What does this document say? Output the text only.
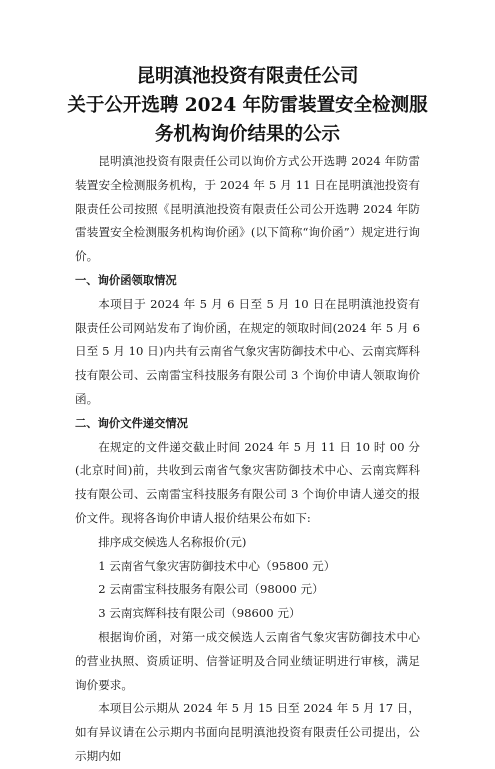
昆明滇池投资有限责任公司
关于公开选聘 2024 年防雷装置安全检测服
务机构询价结果的公示

昆明滇池投资有限责任公司以询价方式公开选聘 2024 年防雷装置安全检测服务机构，于 2024 年 5 月 11 日在昆明滇池投资有限责任公司按照《昆明滇池投资有限责任公司公开选聘 2024 年防雷装置安全检测服务机构询价函》(以下简称“询价函”）规定进行询价。

一、询价函领取情况

本项目于 2024 年 5 月 6 日至 5 月 10 日在昆明滇池投资有限责任公司网站发布了询价函，在规定的领取时间(2024 年 5 月 6 日至 5 月 10 日)内共有云南省气象灾害防御技术中心、云南宾辉科技有限公司、云南雷宝科技服务有限公司 3 个询价申请人领取询价函。

二、询价文件递交情况

在规定的文件递交截止时间 2024 年 5 月 11 日 10 时 00 分(北京时间)前，共收到云南省气象灾害防御技术中心、云南宾辉科技有限公司、云南雷宝科技服务有限公司 3 个询价申请人递交的报价文件。现将各询价申请人报价结果公布如下:

排序成交候选人名称报价(元)

1 云南省气象灾害防御技术中心（95800 元）

2 云南雷宝科技服务有限公司（98000 元）

3 云南宾辉科技有限公司（98600 元）

根据询价函，对第一成交候选人云南省气象灾害防御技术中心的营业执照、资质证明、信誉证明及合同业绩证明进行审核，满足询价要求。

本项目公示期从 2024 年 5 月 15 日至 2024 年 5 月 17 日，如有异议请在公示期内书面向昆明滇池投资有限责任公司提出，公示期内如
